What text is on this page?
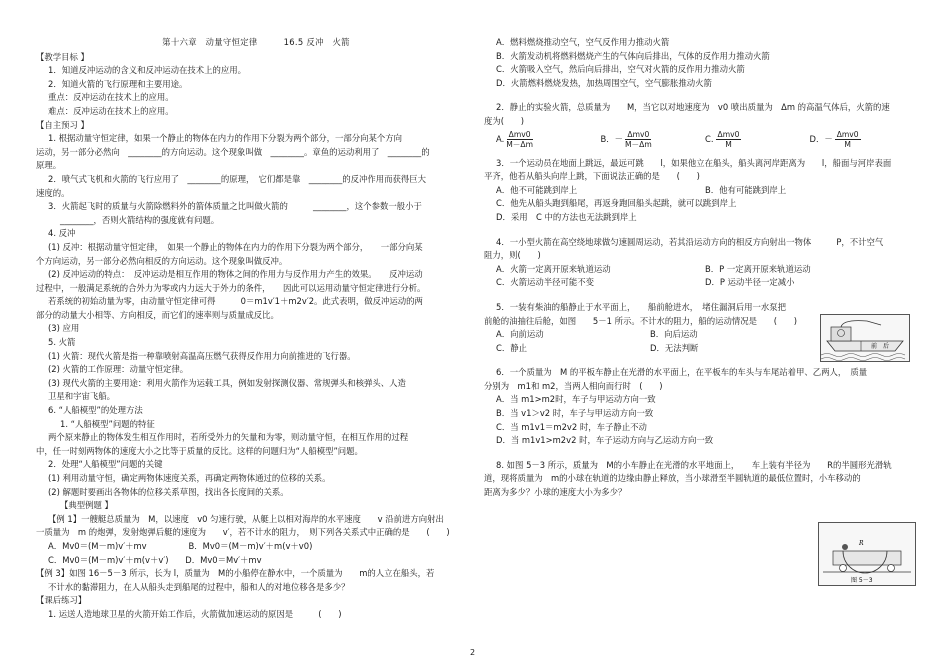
第十六章　动量守恒定律　　　16.5 反冲　火箭
【教学目标 】
1．知道反冲运动的含义和反冲运动在技术上的应用。
2．知道火箭的飞行原理和主要用途。
重点：反冲运动在技术上的应用。
难点：反冲运动在技术上的应用。
【自主预习 】
1. 根据动量守恒定律，如果一个静止的物体在内力的作用下分裂为两个部分，一部分向某个方向
运动，另一部分必然向　________的方向运动。这个现象叫做　________。章鱼的运动利用了　________的
原理。
2．喷气式飞机和火箭的飞行应用了　________的原理，　它们都是靠　________的反冲作用而获得巨大
速度的。
3．火箭起飞时的质量与火箭除燃料外的箭体质量之比叫做火箭的　　　________，这个参数一般小于
________，否则火箭结构的强度就有问题。
4. 反冲
(1) 反冲：根据动量守恒定律，　如果一个静止的物体在内力的作用下分裂为两个部分，　　一部分向某
个方向运动，另一部分必然向相反的方向运动。这个现象叫做反冲。
(2) 反冲运动的特点：　反冲运动是相互作用的物体之间的作用力与反作用力产生的效果。　　反冲运动
过程中，一般满足系统的合外力为零或内力远大于外力的条件，　　因此可以运用动量守恒定律进行分析。
若系统的初始动量为零，由动量守恒定律可得　　　0＝m1v′1＋m2v′2。此式表明，做反冲运动的两
部分的动量大小相等、方向相反，而它们的速率则与质量成反比。
(3) 应用
5. 火箭
(1) 火箭：现代火箭是指一种靠喷射高温高压燃气获得反作用力向前推进的飞行器。
(2) 火箭的工作原理：动量守恒定律。
(3) 现代火箭的主要用途：利用火箭作为运载工具，例如发射探测仪器、常规弹头和核弹头、人造
卫星和宇宙飞船。
6. “人船模型”的处理方法
1. “人船模型”问题的特征
两个原来静止的物体发生相互作用时，若所受外力的矢量和为零，则动量守恒，在相互作用的过程
中，任一时刻两物体的速度大小之比等于质量的反比。这样的问题归为“人船模型”问题。
2．处理“人船模型”问题的关键
(1) 利用动量守恒，确定两物体速度关系，再确定两物体通过的位移的关系。
(2) 解题时要画出各物体的位移关系草图，找出各长度间的关系。
【典型例题 】
【例 1】一艘艇总质量为　M，以速度　v0 匀速行驶，从艇上以相对海岸的水平速度　　v 沿前进方向射出
一质量为　m 的炮弹，发射炮弹后艇的速度为　　v′，若不计水的阻力，　则下列各关系式中正确的是　　(　　)
A．Mv0＝(M－m)v′＋mv　　　　　B．Mv0＝(M－m)v′＋m(v＋v0)
C．Mv0＝(M－m)v′＋m(v＋v′)　　D．Mv0＝Mv′＋mv
【例 3】如图 16－5－3 所示，长为 l，质量为　M的小船停在静水中，一个质量为　　m的人立在船头，若
不计水的黏滞阻力，在人从船头走到船尾的过程中，船和人的对地位移各是多少？
【课后练习】
1. 运送人造地球卫星的火箭开始工作后，火箭做加速运动的原因是　　　(　　)
A．燃料燃烧推动空气，空气反作用力推动火箭
B．火箭发动机将燃料燃烧产生的气体向后排出，气体的反作用力推动火箭
C．火箭吸入空气，然后向后排出，空气对火箭的反作用力推动火箭
D．火箭燃料燃烧发热，加热周围空气，空气膨胀推动火箭
2．静止的实验火箭，总质量为　　M，当它以对地速度为　v0 喷出质量为　Δm 的高温气体后，火箭的速
度为(　　)
A. $\frac{\text{Δmv0}}{M-\Delta m}$	B．－ $\frac{\text{Δmv0}}{M-\Delta m}$	C. $\frac{\text{Δmv0}}{M}$	D．－ $\frac{\text{Δmv0}}{M}$
3．一个运动员在地面上跳远，最远可跳　　l，如果他立在船头，船头离河岸距离为　　l，船面与河岸表面
平齐，他若从船头向岸上跳，下面说法正确的是　　(　　)
A．他不可能跳到岸上	B．他有可能跳到岸上
C．他先从船头跑到船尾，再返身跑回船头起跳，就可以跳到岸上
D．采用　C 中的方法也无法跳到岸上
4．一小型火箭在高空绕地球做匀速圆周运动，若其沿运动方向的相反方向射出一物体　　　P，不计空气
阻力，则(　　)
A．火箭一定离开原来轨道运动	B．P 一定离开原来轨道运动
C．火箭运动半径可能不变	D．P 运动半径一定减小
5．一装有柴油的船静止于水平面上，　　船前舱进水，　堵住漏洞后用一水泵把
前舱的油抽往后舱，如图　　5－1 所示。不计水的阻力，船的运动情况是　　(　　)
A．向前运动	B．向后运动
C．静止	D．无法判断
6．一个质量为　M 的平板车静止在光滑的水平面上，在平板车的车头与车尾站着甲、乙两人，　质量
分别为　m1和 m2，当两人相向而行时　(　　)
A．当 m1>m2时，车子与甲运动方向一致
B．当 v1＞v2 时，车子与甲运动方向一致
C．当 m1v1＝m2v2 时，车子静止不动
D．当 m1v1>m2v2 时，车子运动方向与乙运动方向一致
8. 如图 5－3 所示，质量为　M的小车静止在光滑的水平地面上，　　车上装有半径为　　R的半圆形光滑轨
道，现将质量为　m的小球在轨道的边缘由静止释放，当小球滑至半圆轨道的最低位置时，小车移动的
距离为多少？小球的速度大小为多少？
前 后
R
图 5－3
2
